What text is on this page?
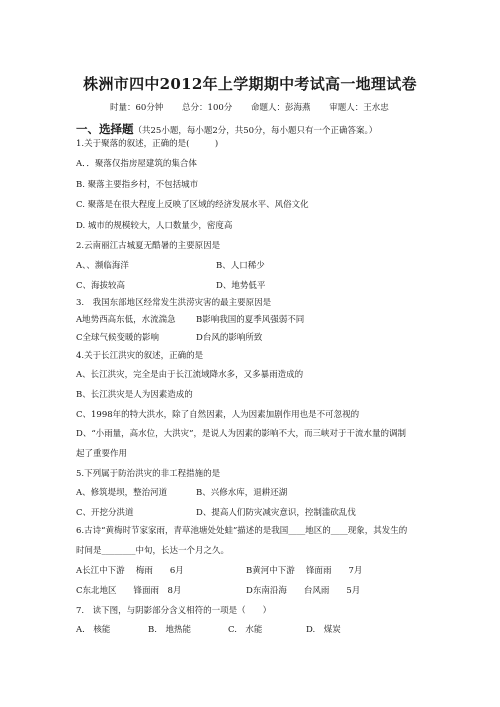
株洲市四中2012年上学期期中考试高一地理试卷
时量：60分钟 总分：100分 命题人：彭海燕 审题人：王水忠
一、选择题（共25小题，每小题2分，共50分，每小题只有一个正确答案。）
1.关于聚落的叙述，正确的是(　　　)
A．．聚落仅指房屋建筑的集合体
B. 聚落主要指乡村，不包括城市
C. 聚落是在很大程度上反映了区域的经济发展水平、风俗文化
D. 城市的规模较大，人口数量少，密度高
2.云南丽江古城夏无酷暑的主要原因是
A、、濒临海洋	B、人口稀少
C、海拔较高	D、地势低平
3.　我国东部地区经常发生洪涝灾害的最主要原因是
A地势西高东低，水流湍急 B影响我国的夏季风强弱不同
C全球气候变暖的影响	D台风的影响所致
4.关于长江洪灾的叙述，正确的是
A、长江洪灾，完全是由于长江流域降水多，又多暴雨造成的
B、长江洪灾是人为因素造成的
C、1998年的特大洪水，除了自然因素，人为因素加剧作用也是不可忽视的
D、“小雨量，高水位，大洪灾”，是说人为因素的影响不大，而三峡对于干流水量的调制
起了重要作用
5.下列属于防治洪灾的非工程措施的是
A、修筑堤坝，整治河道	B、兴修水库，退耕还湖
C、开挖分洪道	D、提高人们防灾减灾意识，控制滥砍乱伐
6.古诗“黄梅时节家家雨，青草池塘处处蛙”描述的是我国____地区的____现象，其发生的
时间是________中旬，长达一个月之久。
A长江中下游　 梅雨　　6月	B黄河中下游　 锋面雨　　7月
C东北地区　　锋面雨　8月	D东南沿海　　台风雨　　5月
7.　读下图，与阴影部分含义相符的一项是（　　）
A.　核能	B.　地热能	C.　水能	D.　煤炭
